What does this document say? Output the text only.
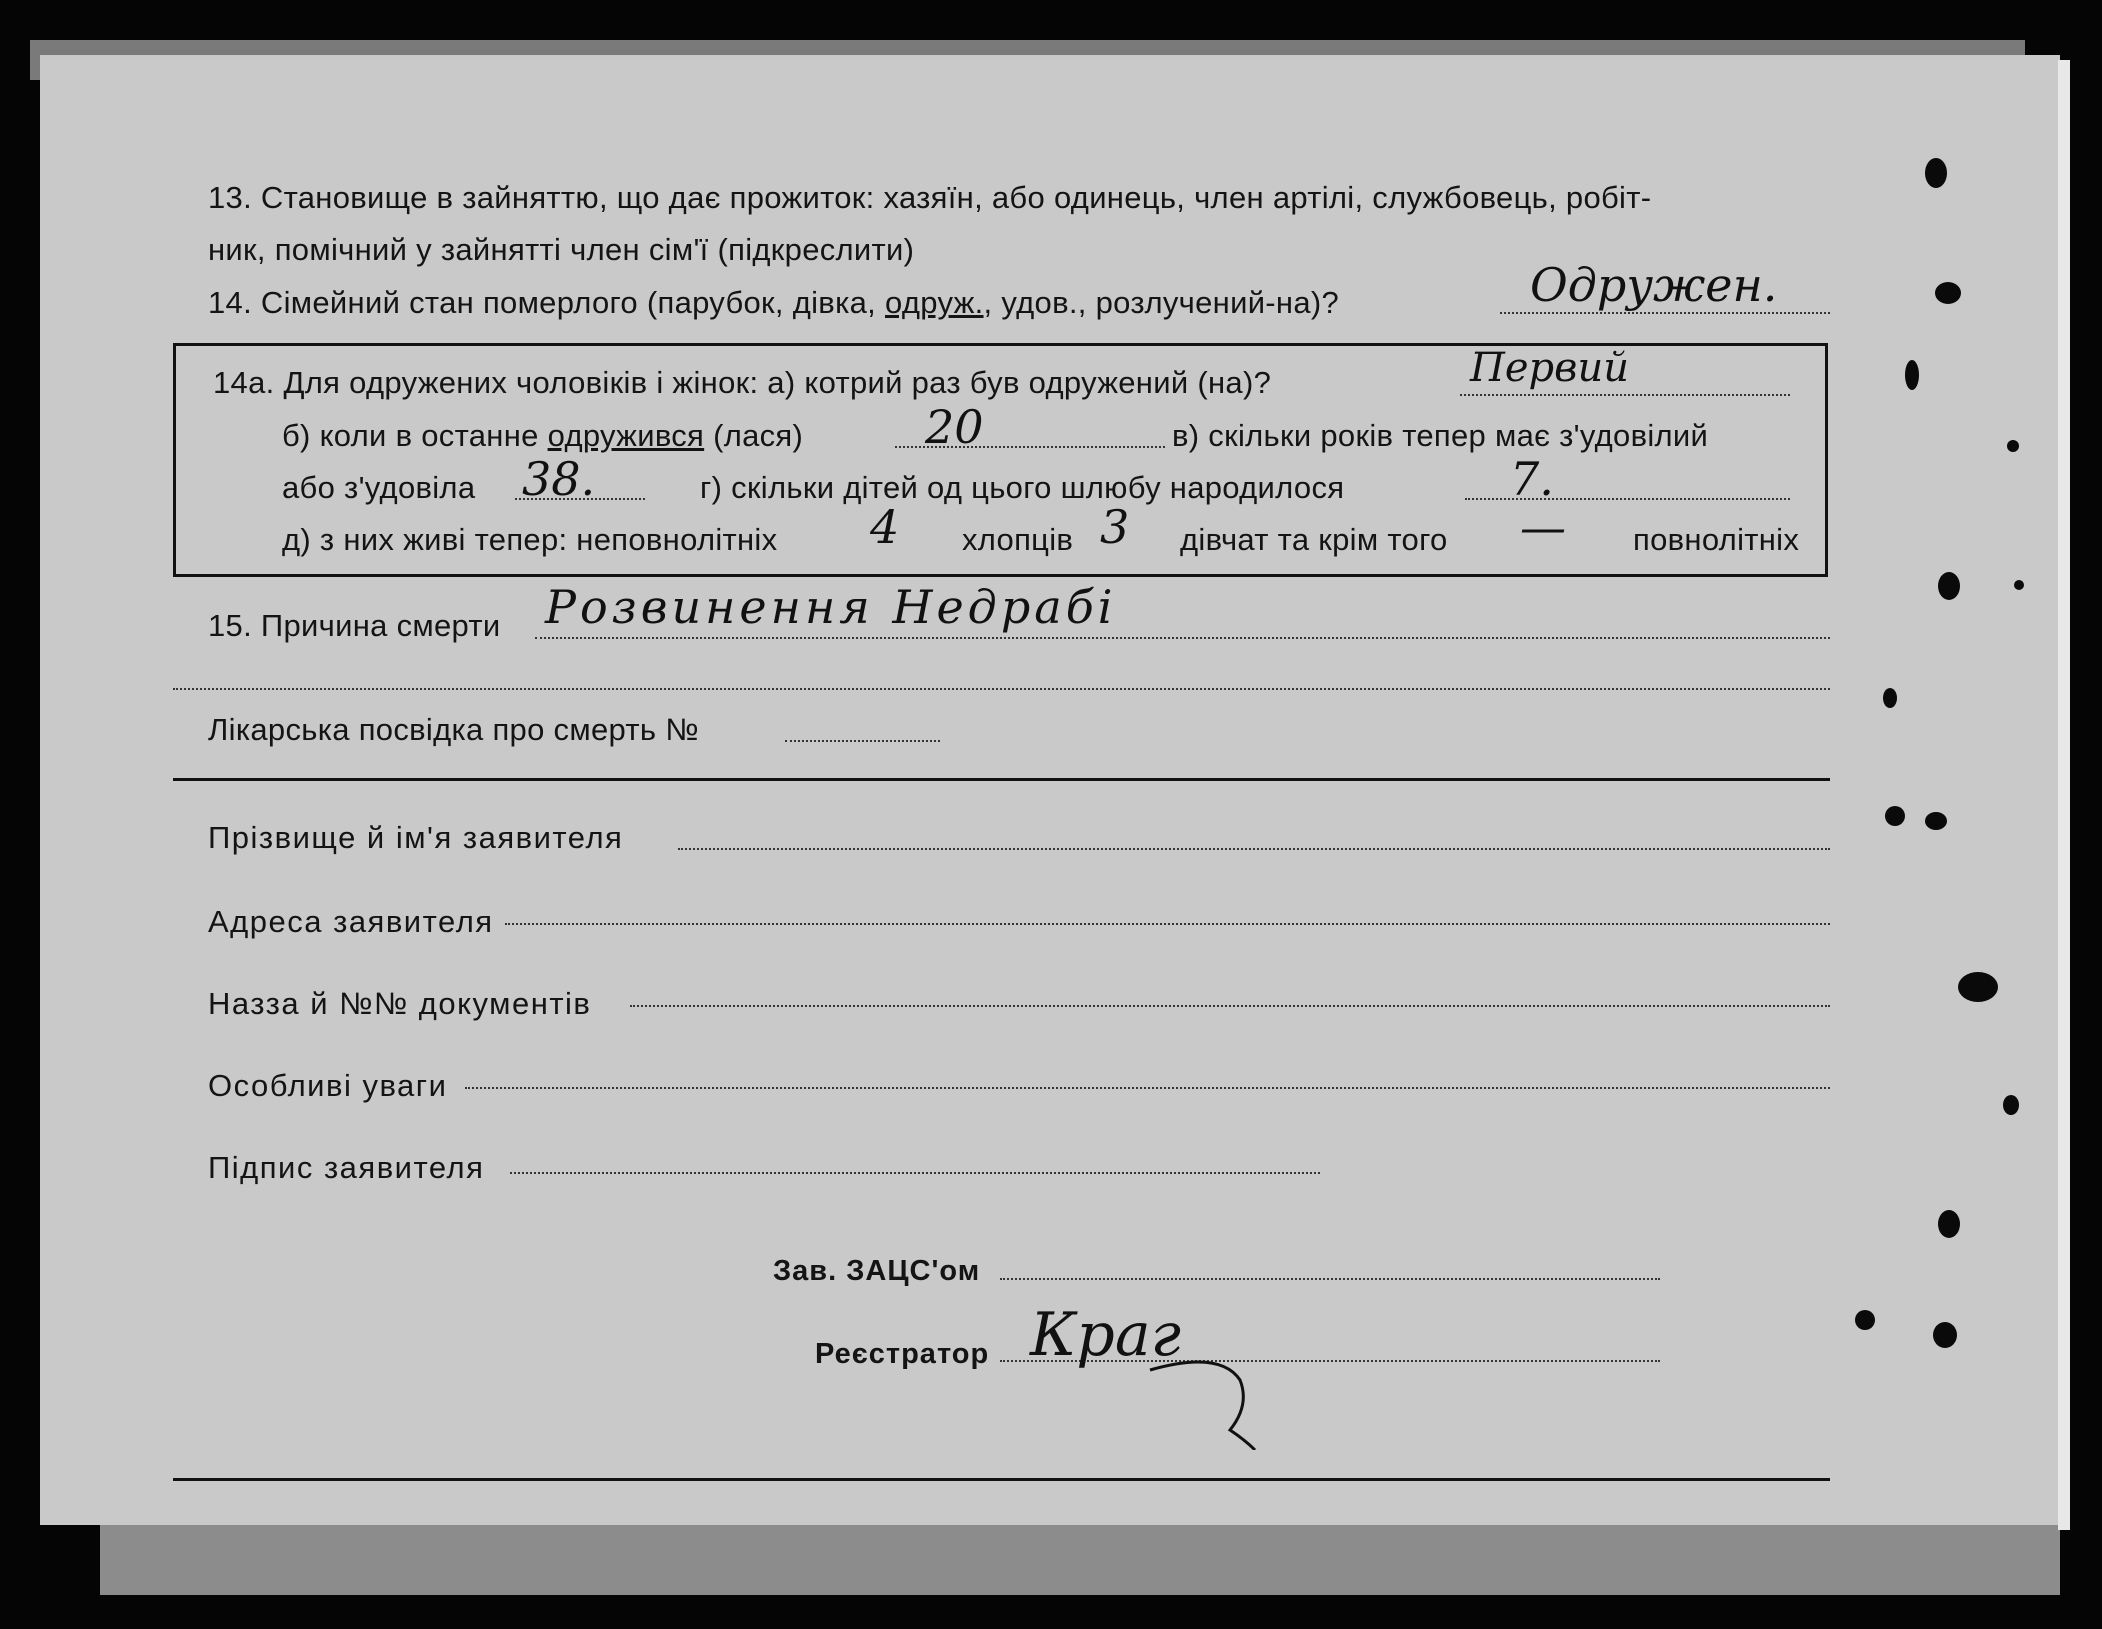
13. Становище в зайняттю, що дає прожиток: хазяїн, або одинець, член артілі, службовець, робіт-
ник, помічний у зайнятті член сім'ї (підкреслити)
14. Сімейний стан померлого (парубок, дівка, одруж., удов., розлучений-на)?	Одружен.
14а. Для одружених чоловіків і жінок: а) котрий раз був одружений (на)?	Первий
б) коли в останне одружився (лася)	20	в) скільки років тепер має з'удовілий
або з'удовіла 38.	г) скільки дітей од цього шлюбу народилося	7.
д) з них живі тепер: неповнолітніх 4 хлопців 3 дівчат та крім того — повнолітніх
15. Причина смерти Розвинення Недрабі
Лікарська посвідка про смерть №
Прізвище й ім'я заявителя
Адреса заявителя
Назза й №№ документів
Особливі уваги
Підпис заявителя
Зав. ЗАЦС'ом
Реєстратор Краг
